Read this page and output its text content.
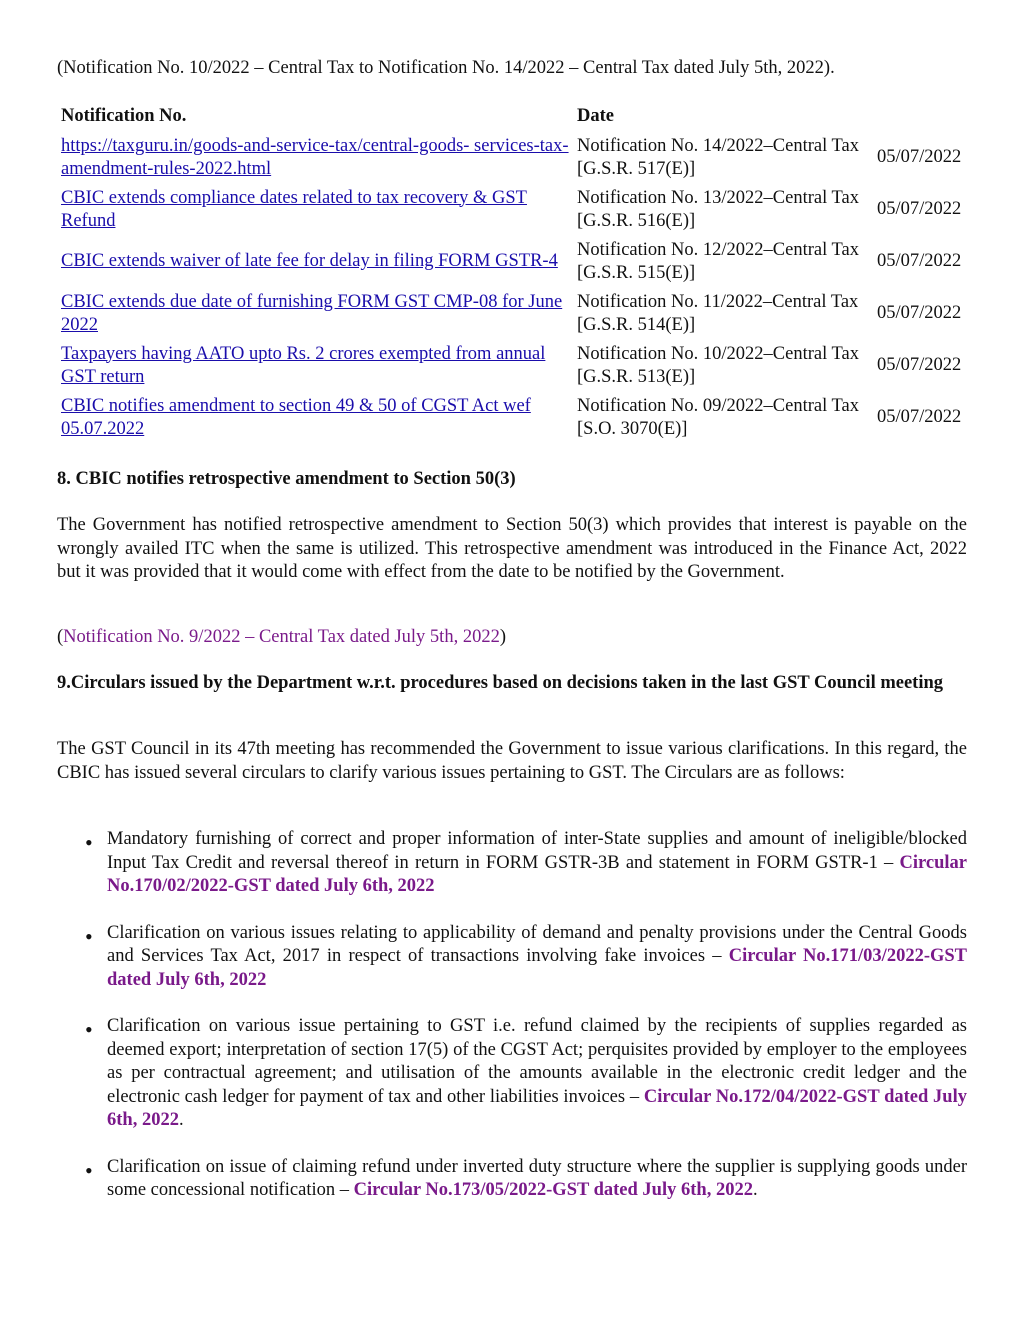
(Notification No. 10/2022 – Central Tax to Notification No. 14/2022 – Central Tax dated July 5th, 2022).
Notification No.	Date	
https://taxguru.in/goods-and-service-tax/central-goods- services-tax-amendment-rules-2022.html	Notification No. 14/2022–Central Tax [G.S.R. 517(E)]	05/07/2022
CBIC extends compliance dates related to tax recovery & GST Refund	Notification No. 13/2022–Central Tax [G.S.R. 516(E)]	05/07/2022
CBIC extends waiver of late fee for delay in filing FORM GSTR-4	Notification No. 12/2022–Central Tax [G.S.R. 515(E)]	05/07/2022
CBIC extends due date of furnishing FORM GST CMP-08 for June 2022	Notification No. 11/2022–Central Tax [G.S.R. 514(E)]	05/07/2022
Taxpayers having AATO upto Rs. 2 crores exempted from annual GST return	Notification No. 10/2022–Central Tax [G.S.R. 513(E)]	05/07/2022
CBIC notifies amendment to section 49 & 50 of CGST Act wef 05.07.2022	Notification No. 09/2022–Central Tax [S.O. 3070(E)]	05/07/2022
8. CBIC notifies retrospective amendment to Section 50(3)
The Government has notified retrospective amendment to Section 50(3) which provides that interest is payable on the wrongly availed ITC when the same is utilized. This retrospective amendment was introduced in the Finance Act, 2022 but it was provided that it would come with effect from the date to be notified by the Government.
(Notification No. 9/2022 – Central Tax dated July 5th, 2022)
9.Circulars issued by the Department w.r.t. procedures based on decisions taken in the last GST Council meeting
The GST Council in its 47th meeting has recommended the Government to issue various clarifications. In this regard, the CBIC has issued several circulars to clarify various issues pertaining to GST. The Circulars are as follows:
• Mandatory furnishing of correct and proper information of inter-State supplies and amount of ineligible/blocked Input Tax Credit and reversal thereof in return in FORM GSTR-3B and statement in FORM GSTR-1 – Circular No.170/02/2022-GST dated July 6th, 2022
• Clarification on various issues relating to applicability of demand and penalty provisions under the Central Goods and Services Tax Act, 2017 in respect of transactions involving fake invoices – Circular No.171/03/2022-GST dated July 6th, 2022
• Clarification on various issue pertaining to GST i.e. refund claimed by the recipients of supplies regarded as deemed export; interpretation of section 17(5) of the CGST Act; perquisites provided by employer to the employees as per contractual agreement; and utilisation of the amounts available in the electronic credit ledger and the electronic cash ledger for payment of tax and other liabilities invoices – Circular No.172/04/2022-GST dated July 6th, 2022.
• Clarification on issue of claiming refund under inverted duty structure where the supplier is supplying goods under some concessional notification – Circular No.173/05/2022-GST dated July 6th, 2022.
